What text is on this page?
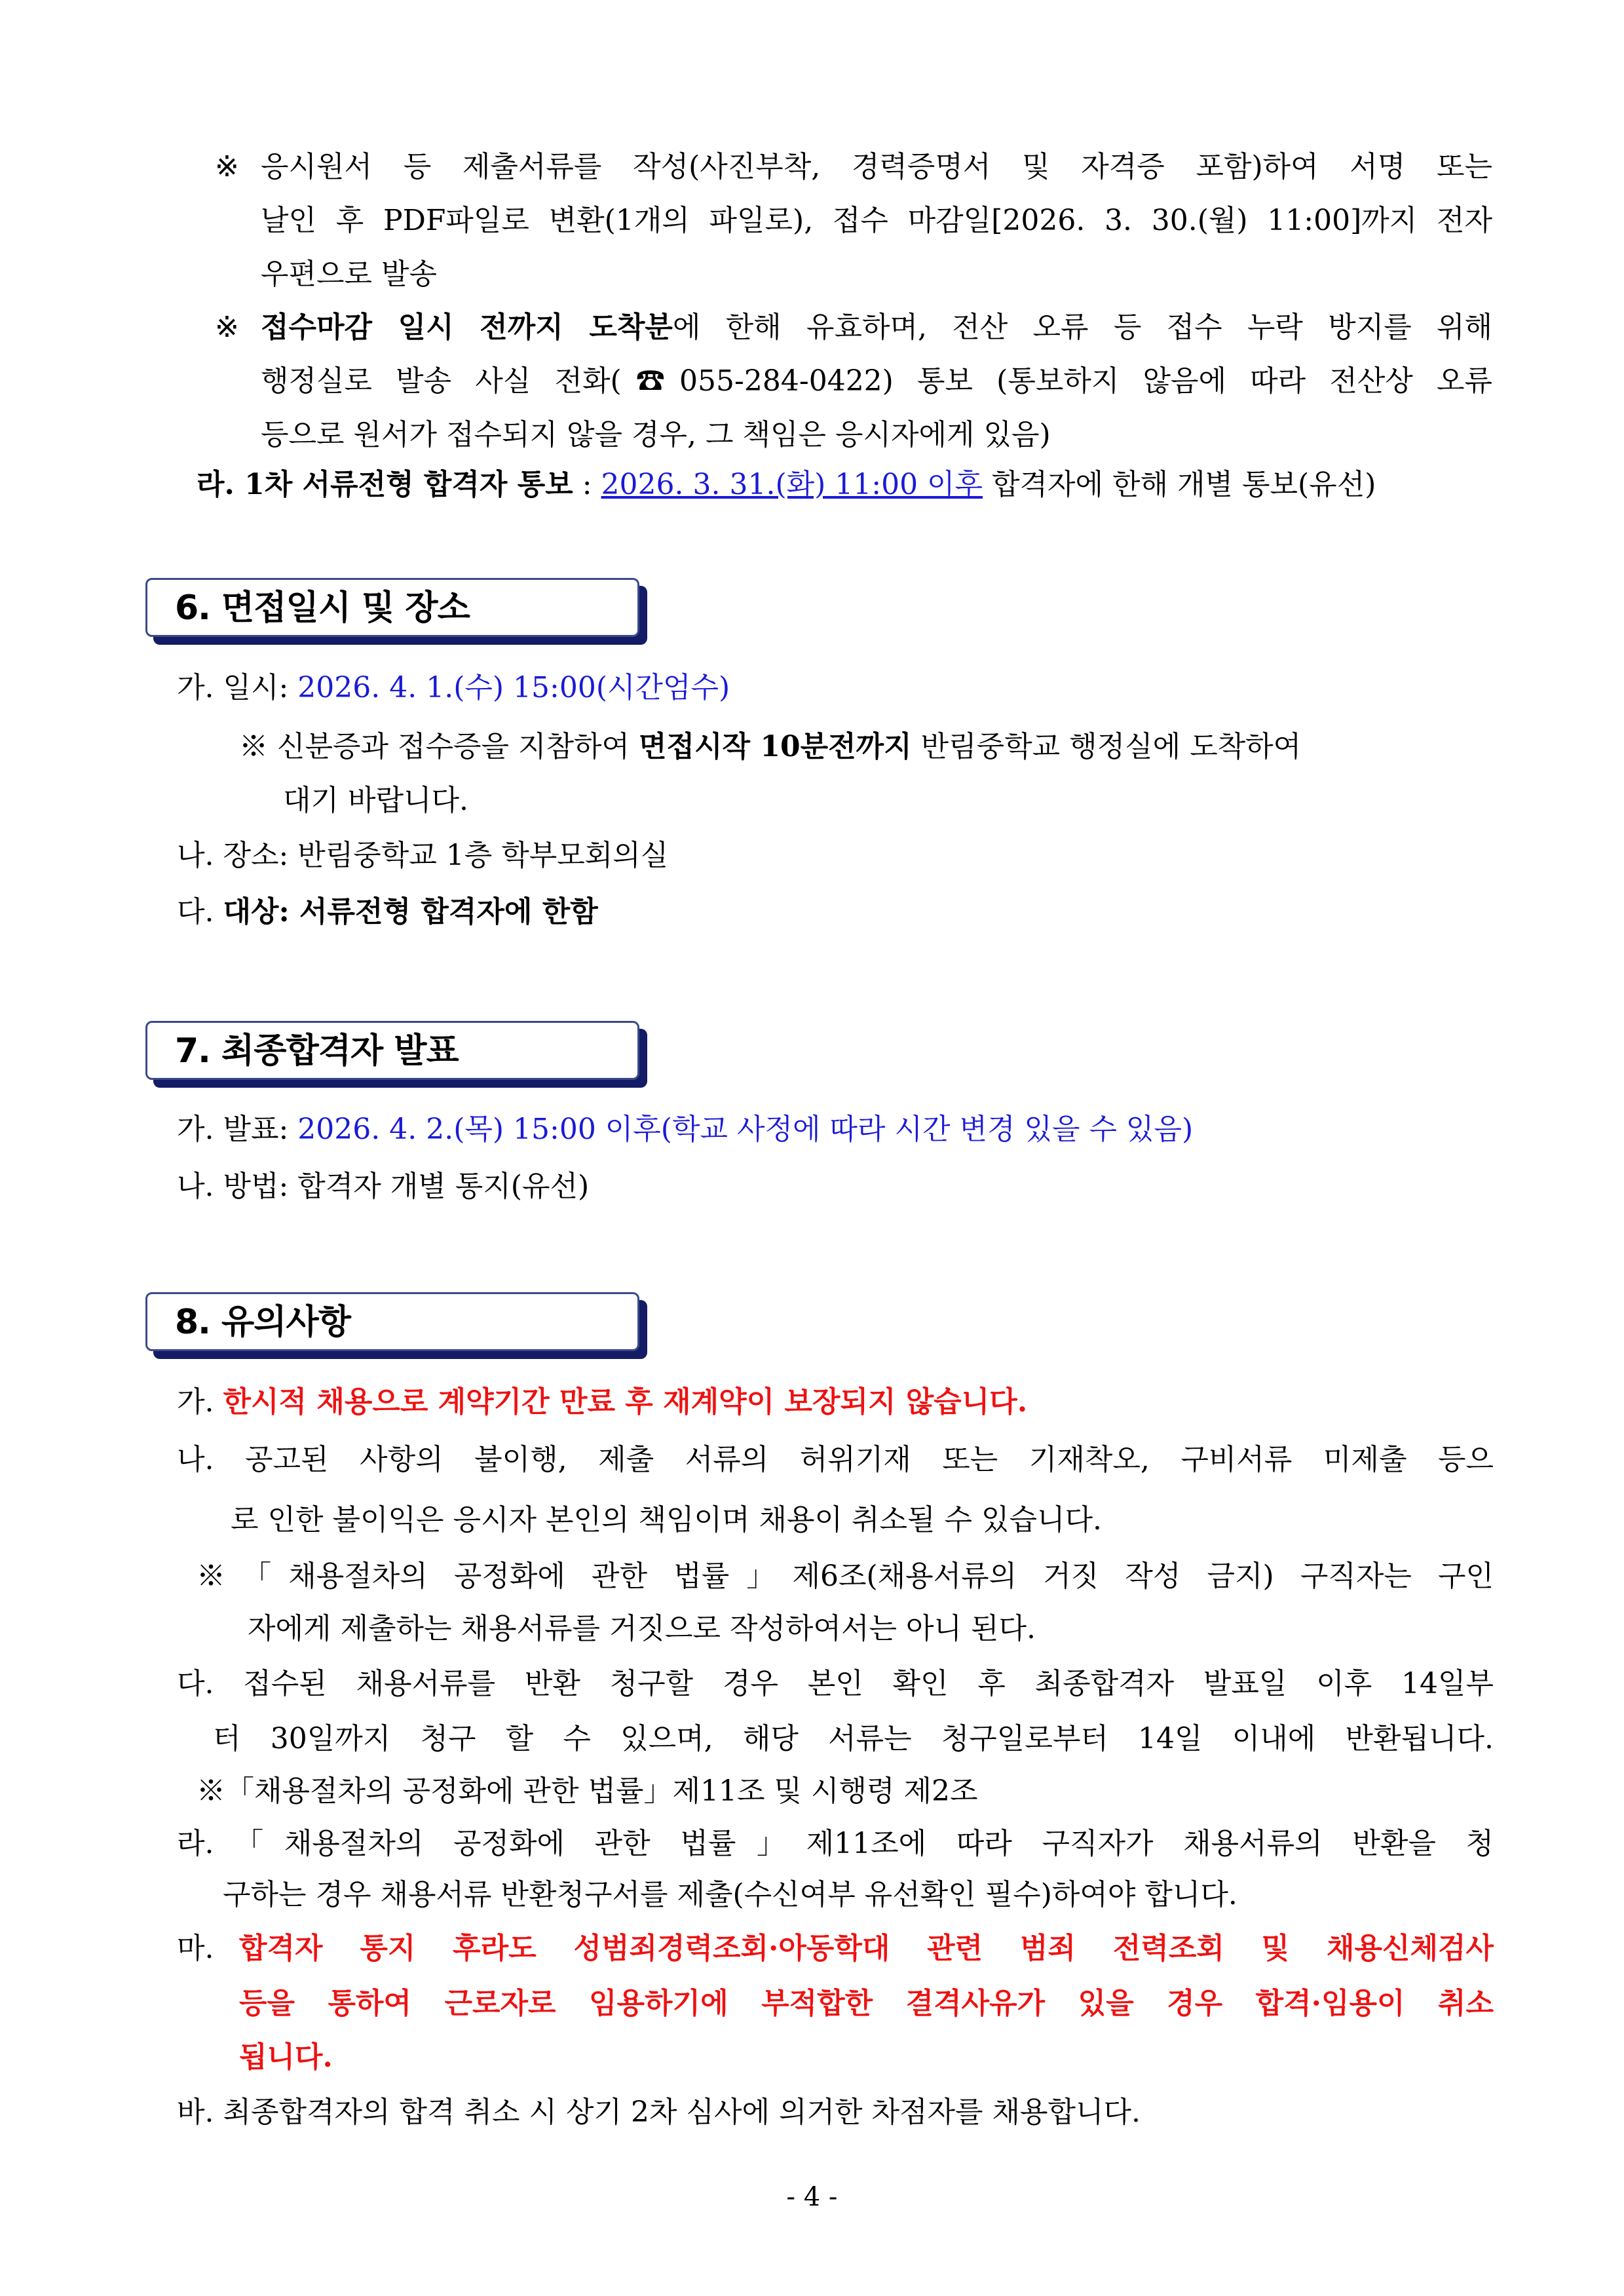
※ 응시원서 등 제출서류를 작성(사진부착, 경력증명서 및 자격증 포함)하여 서명 또는
날인 후 PDF파일로 변환(1개의 파일로), 접수 마감일[2026. 3. 30.(월) 11:00]까지 전자
우편으로 발송
※ 접수마감 일시 전까지 도착분에 한해 유효하며, 전산 오류 등 접수 누락 방지를 위해
행정실로 발송 사실 전화(☎055-284-0422) 통보 (통보하지 않음에 따라 전산상 오류
등으로 원서가 접수되지 않을 경우, 그 책임은 응시자에게 있음)
라. 1차 서류전형 합격자 통보 : 2026. 3. 31.(화) 11:00 이후 합격자에 한해 개별 통보(유선)
6. 면접일시 및 장소
가. 일시: 2026. 4. 1.(수) 15:00(시간엄수)
※ 신분증과 접수증을 지참하여 면접시작 10분전까지 반림중학교 행정실에 도착하여
대기 바랍니다.
나. 장소: 반림중학교 1층 학부모회의실
다. 대상: 서류전형 합격자에 한함
7. 최종합격자 발표
가. 발표: 2026. 4. 2.(목) 15:00 이후(학교 사정에 따라 시간 변경 있을 수 있음)
나. 방법: 합격자 개별 통지(유선)
8. 유의사항
가. 한시적 채용으로 계약기간 만료 후 재계약이 보장되지 않습니다.
나. 공고된 사항의 불이행, 제출 서류의 허위기재 또는 기재착오, 구비서류 미제출 등으
로 인한 불이익은 응시자 본인의 책임이며 채용이 취소될 수 있습니다.
※「채용절차의 공정화에 관한 법률」제6조(채용서류의 거짓 작성 금지) 구직자는 구인
자에게 제출하는 채용서류를 거짓으로 작성하여서는 아니 된다.
다. 접수된 채용서류를 반환 청구할 경우 본인 확인 후 최종합격자 발표일 이후 14일부
터 30일까지 청구 할 수 있으며, 해당 서류는 청구일로부터 14일 이내에 반환됩니다.
※「채용절차의 공정화에 관한 법률」제11조 및 시행령 제2조
라.「채용절차의 공정화에 관한 법률」제11조에 따라 구직자가 채용서류의 반환을 청
구하는 경우 채용서류 반환청구서를 제출(수신여부 유선확인 필수)하여야 합니다.
마. 합격자 통지 후라도 성범죄경력조회·아동학대 관련 범죄 전력조회 및 채용신체검사
등을 통하여 근로자로 임용하기에 부적합한 결격사유가 있을 경우 합격·임용이 취소
됩니다.
바. 최종합격자의 합격 취소 시 상기 2차 심사에 의거한 차점자를 채용합니다.
- 4 -
